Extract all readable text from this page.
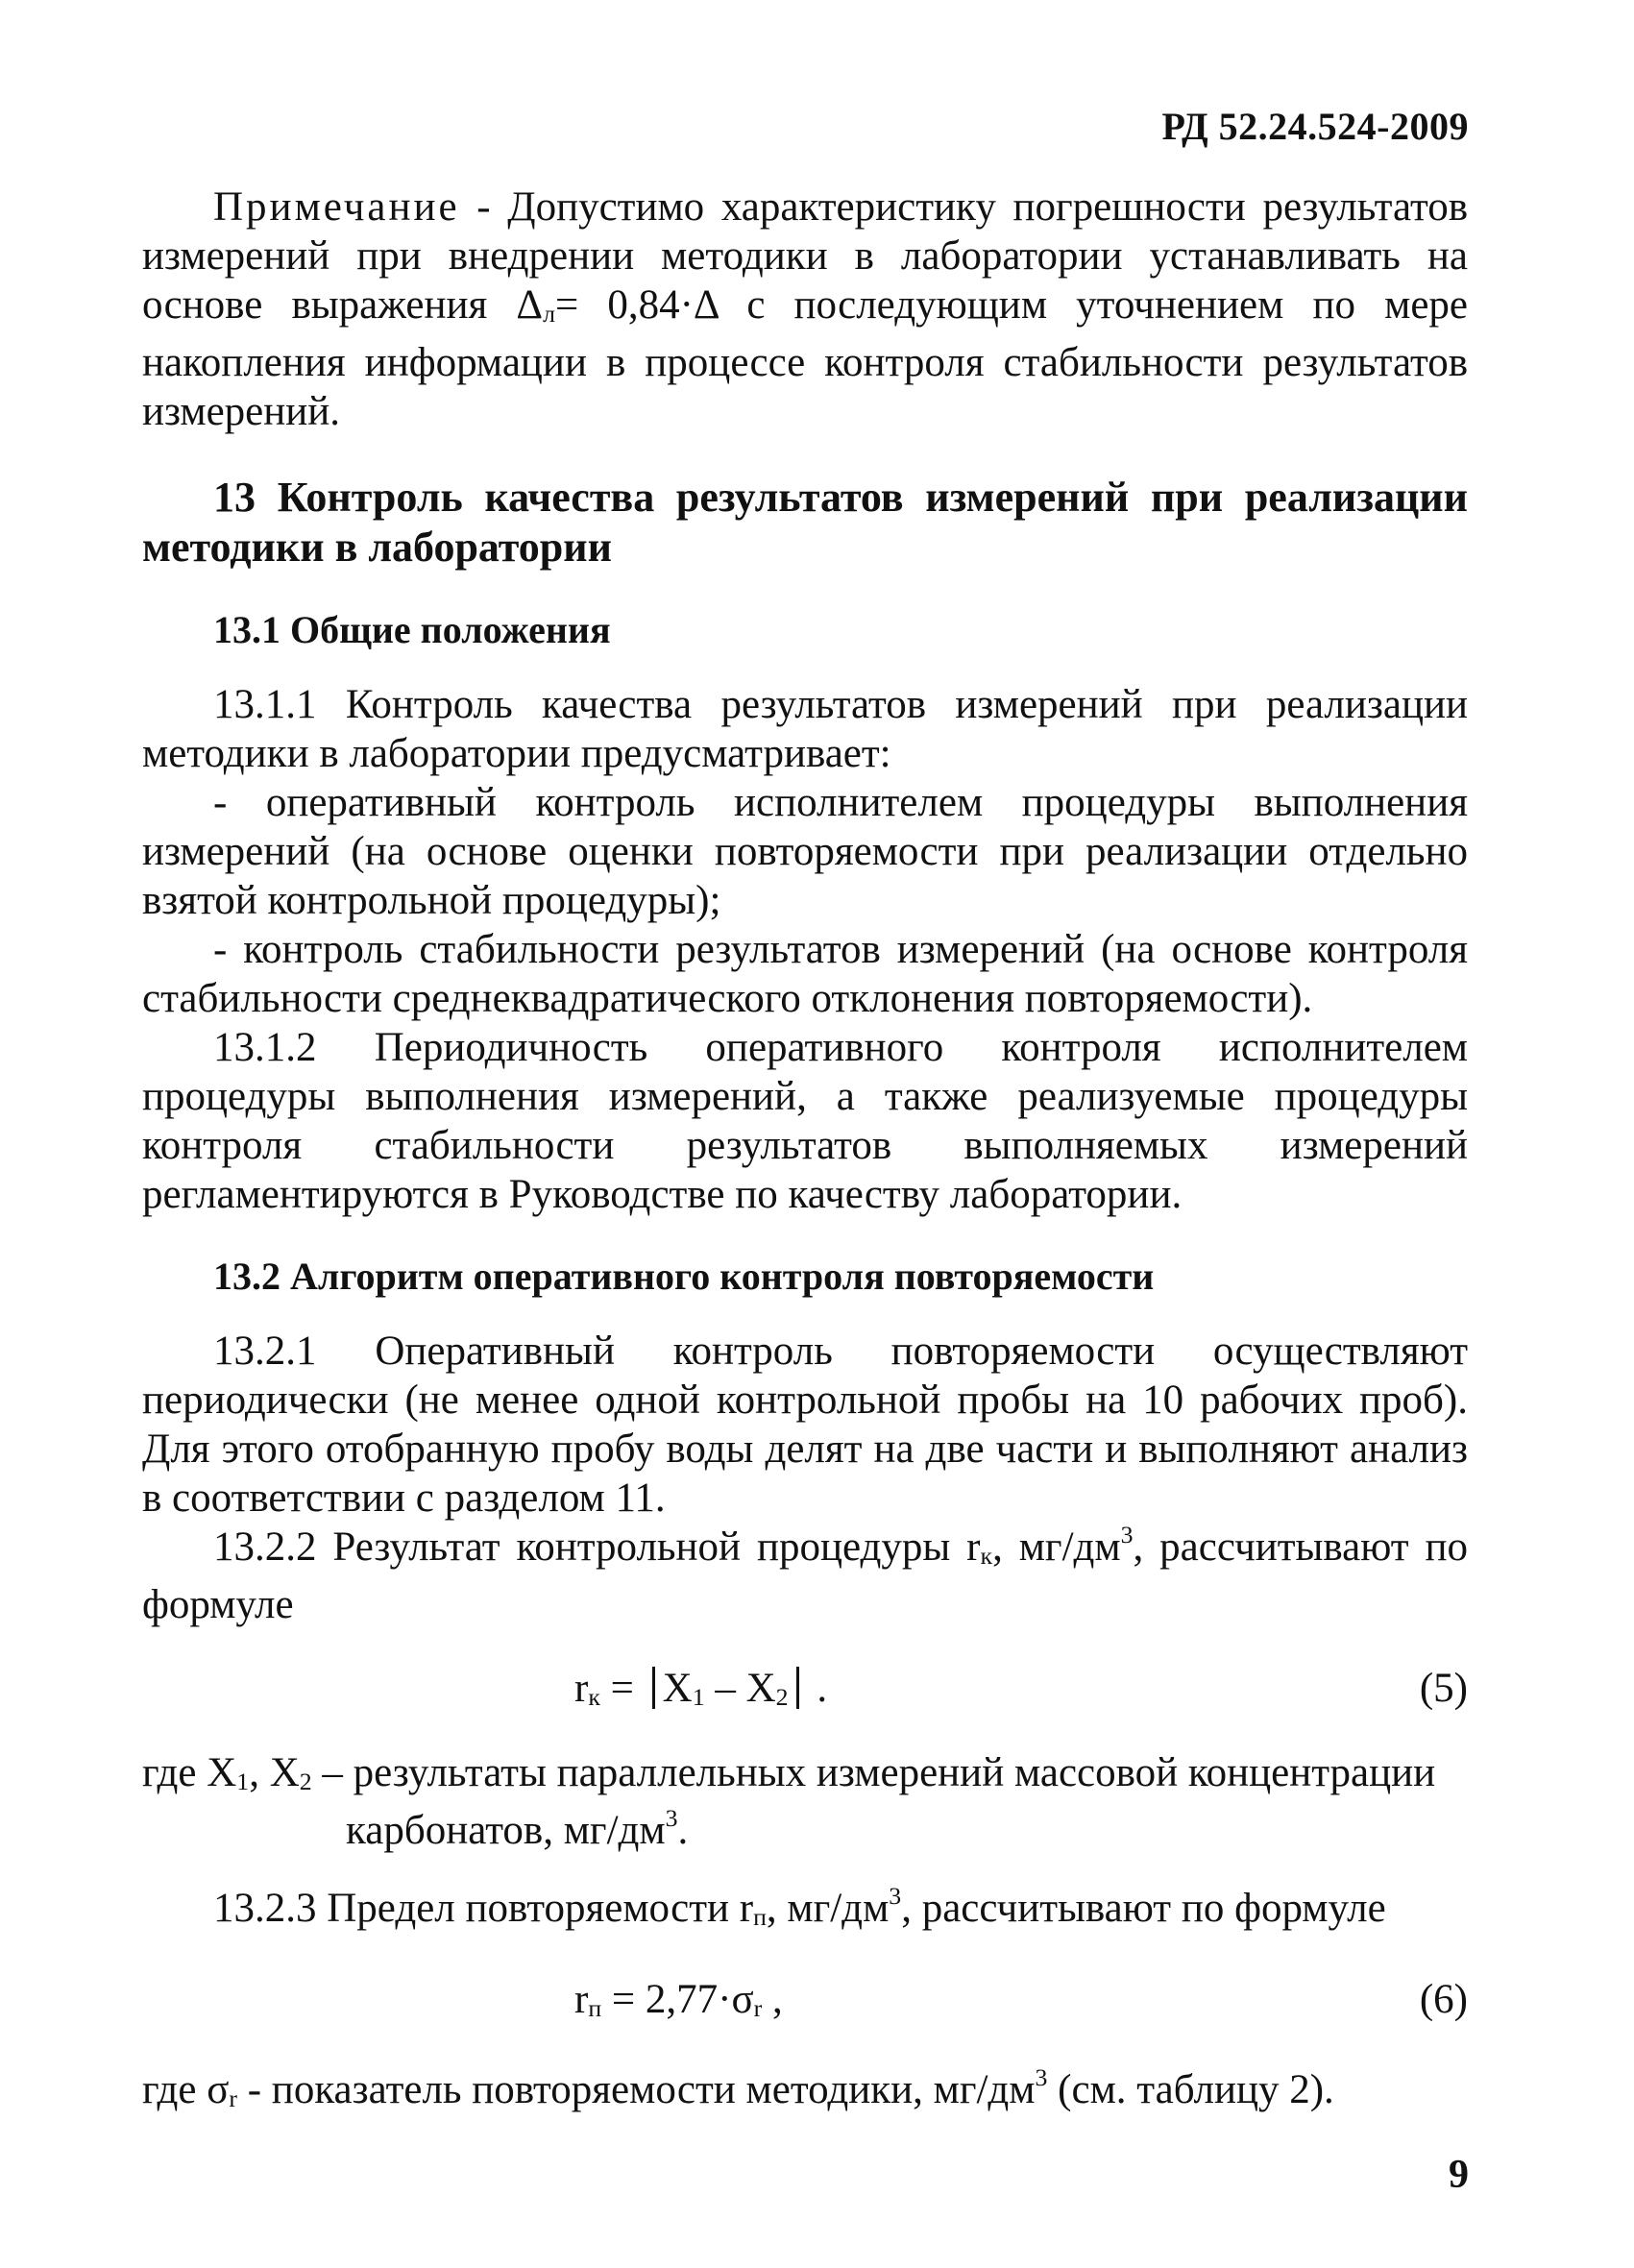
РД 52.24.524-2009

Примечание - Допустимо характеристику погрешности результатов измерений при внедрении методики в лаборатории устанавливать на основе выражения Δл= 0,84·Δ с последующим уточнением по мере накопления информации в процессе контроля стабильности результатов измерений.

13 Контроль качества результатов измерений при реализации методики в лаборатории

13.1 Общие положения

13.1.1 Контроль качества результатов измерений при реализации методики в лаборатории предусматривает:

- оперативный контроль исполнителем процедуры выполнения измерений (на основе оценки повторяемости при реализации отдельно взятой контрольной процедуры);

- контроль стабильности результатов измерений (на основе контроля стабильности среднеквадратического отклонения повторяемости).

13.1.2 Периодичность оперативного контроля исполнителем процедуры выполнения измерений, а также реализуемые процедуры контроля стабильности результатов выполняемых измерений регламентируются в Руководстве по качеству лаборатории.

13.2 Алгоритм оперативного контроля повторяемости

13.2.1 Оперативный контроль повторяемости осуществляют периодически (не менее одной контрольной пробы на 10 рабочих проб). Для этого отобранную пробу воды делят на две части и выполняют анализ в соответствии с разделом 11.

13.2.2 Результат контрольной процедуры rк, $мг/дм^3$, рассчитывают по формуле

rк = X1 – X2 .	(5)
где X1, X2 – результаты параллельных измерений массовой концентрации
карбонатов, $мг/дм^3$.

13.2.3 Предел повторяемости rп, $мг/дм^3$, рассчитывают по формуле

rп = 2,77·σr ,	(6)

где σr - показатель повторяемости методики, $мг/дм^3$ (см. таблицу 2).

9
